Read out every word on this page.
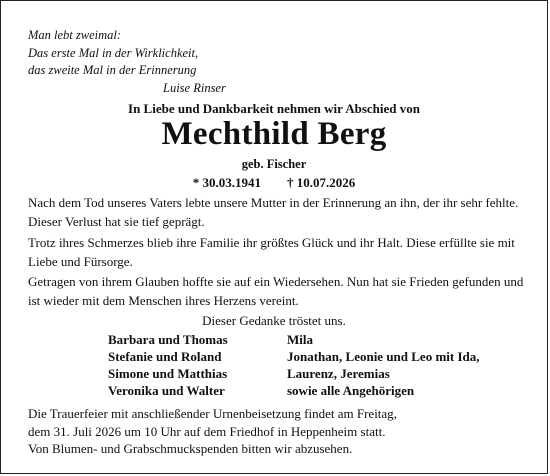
Man lebt zweimal:
Das erste Mal in der Wirklichkeit,
das zweite Mal in der Erinnerung
Luise Rinser
In Liebe und Dankbarkeit nehmen wir Abschied von
Mechthild Berg
geb. Fischer
* 30.03.1941 † 10.07.2026
Nach dem Tod unseres Vaters lebte unsere Mutter in der Erinnerung an ihn, der ihr sehr fehlte. Dieser Verlust hat sie tief geprägt.
Trotz ihres Schmerzes blieb ihre Familie ihr größtes Glück und ihr Halt. Diese erfüllte sie mit Liebe und Fürsorge.
Getragen von ihrem Glauben hoffte sie auf ein Wiedersehen. Nun hat sie Frieden gefunden und ist wieder mit dem Menschen ihres Herzens vereint.
Dieser Gedanke tröstet uns.
Barbara und Thomas
Stefanie und Roland
Simone und Matthias
Veronika und Walter
Mila
Jonathan, Leonie und Leo mit Ida,
Laurenz, Jeremias
sowie alle Angehörigen
Die Trauerfeier mit anschließender Urnenbeisetzung findet am Freitag,
dem 31. Juli 2026 um 10 Uhr auf dem Friedhof in Heppenheim statt.
Von Blumen- und Grabschmuckspenden bitten wir abzusehen.
